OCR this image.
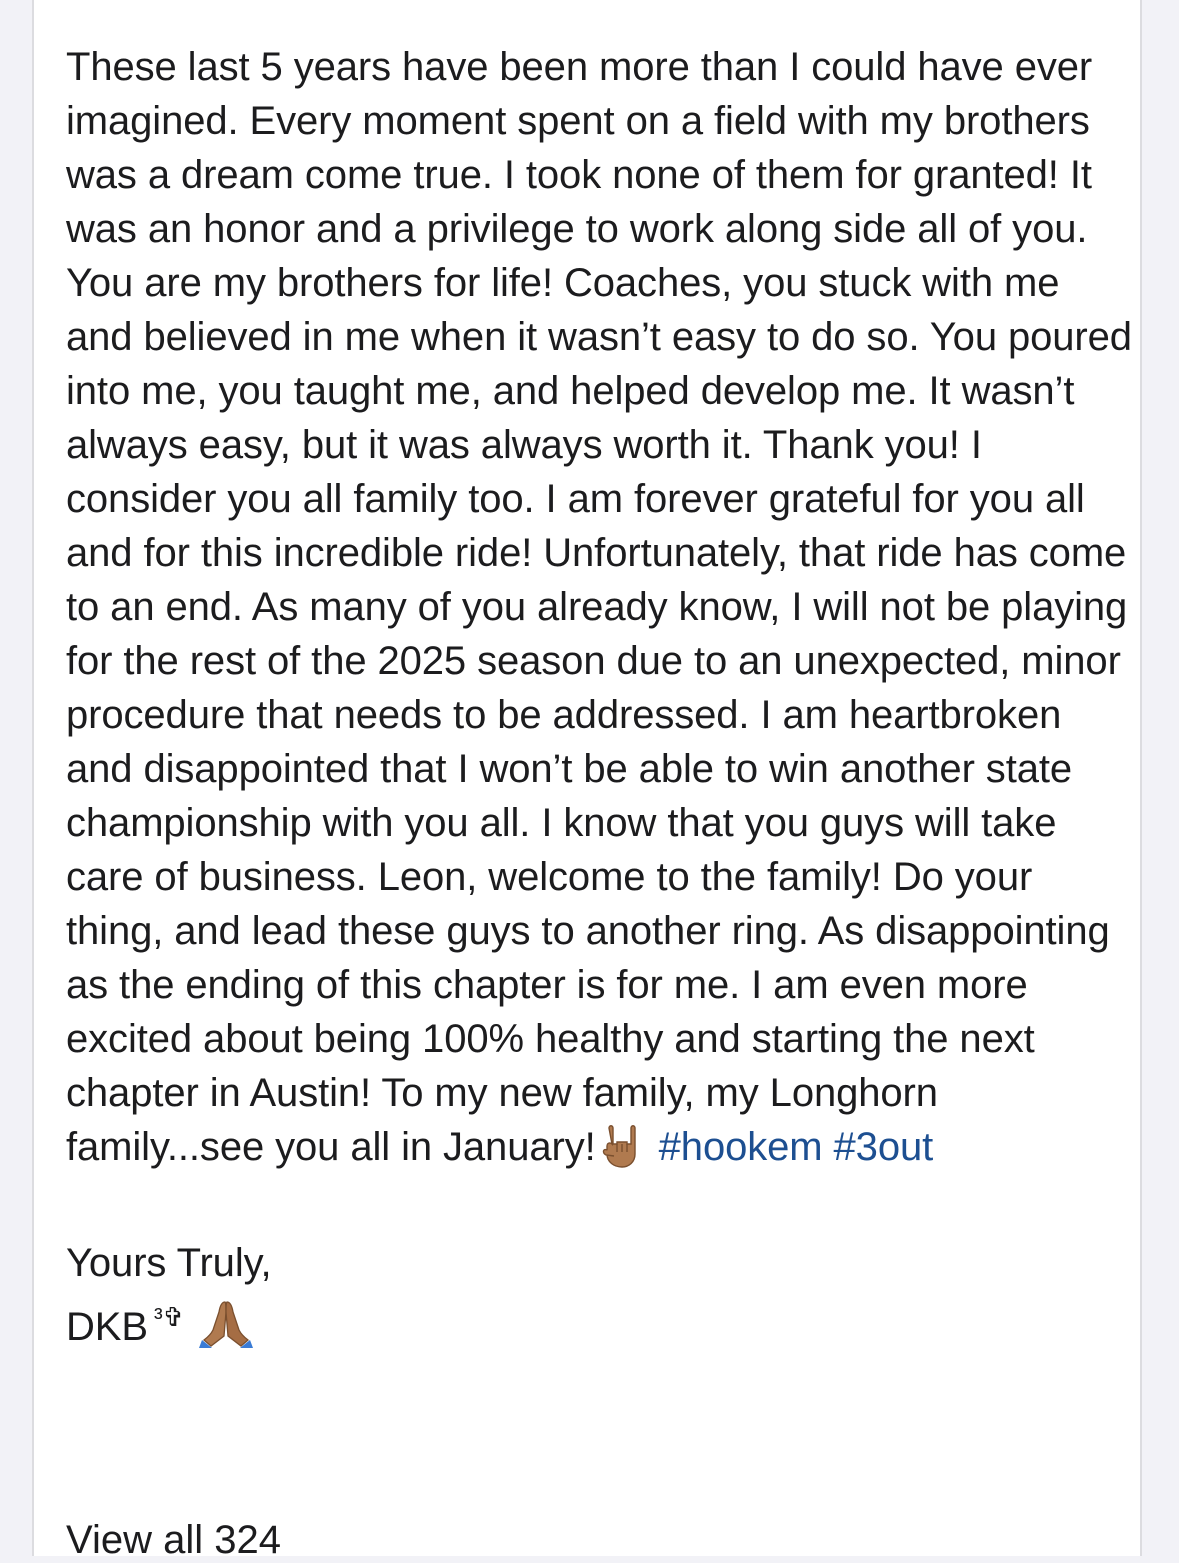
These last 5 years have been more than I could have ever imagined. Every moment spent on a field with my brothers was a dream come true. I took none of them for granted! It was an honor and a privilege to work along side all of you. You are my brothers for life! Coaches, you stuck with me and believed in me when it wasn’t easy to do so. You poured into me, you taught me, and helped develop me. It wasn’t always easy, but it was always worth it. Thank you! I consider you all family too. I am forever grateful for you all and for this incredible ride! Unfortunately, that ride has come to an end. As many of you already know, I will not be playing for the rest of the 2025 season due to an unexpected, minor procedure that needs to be addressed. I am heartbroken and disappointed that I won’t be able to win another state championship with you all. I know that you guys will take care of business. Leon, welcome to the family! Do your thing, and lead these guys to another ring. As disappointing as the ending of this chapter is for me. I am even more excited about being 100% healthy and starting the next chapter in Austin! To my new family, my Longhorn family...see you all in January! #hookem #3out
Yours Truly,
DKB $^{^3✞}$
View all 324
